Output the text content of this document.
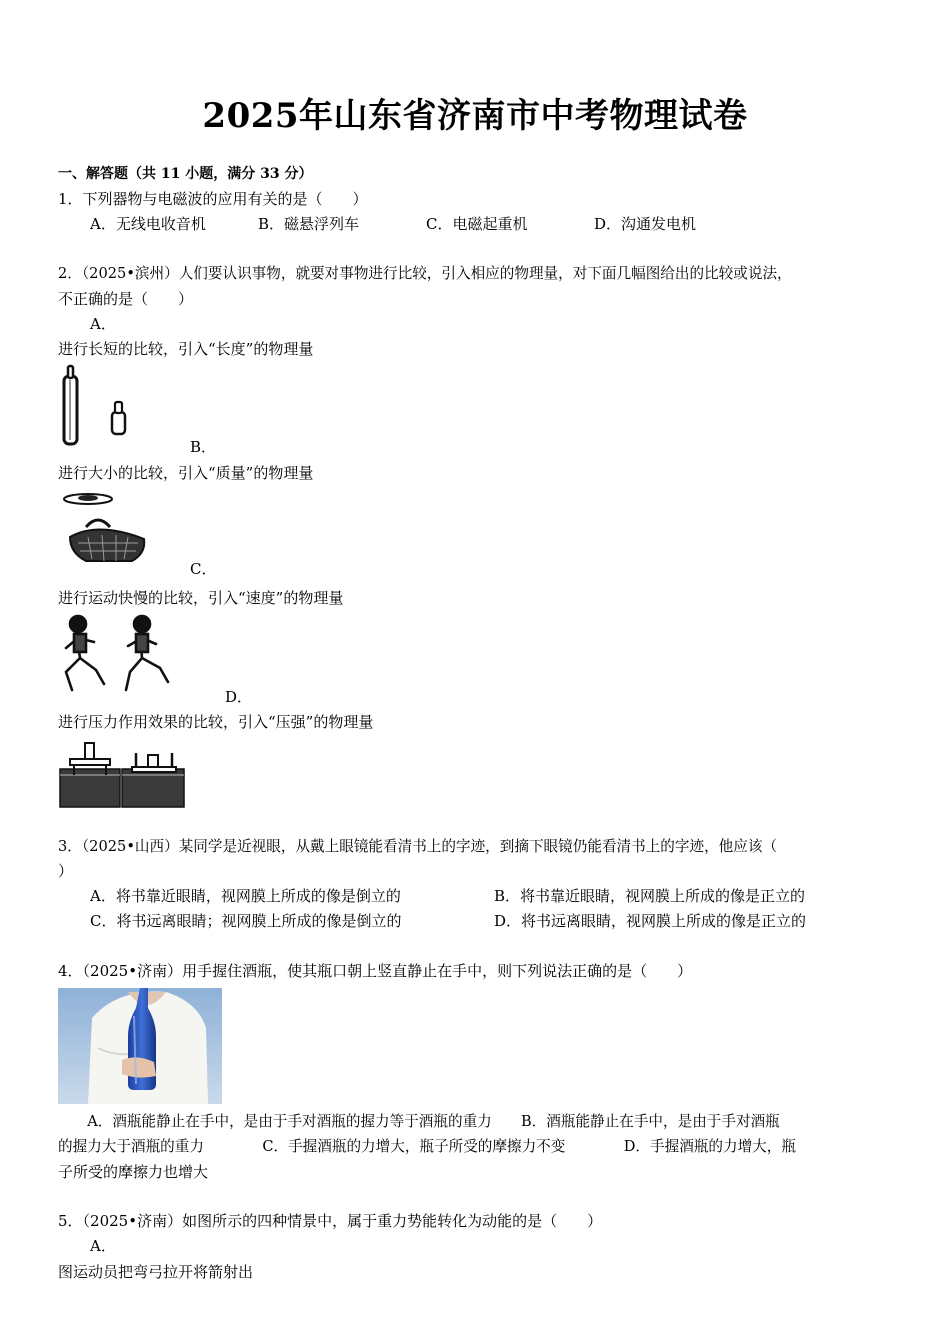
2025年山东省济南市中考物理试卷
一、解答题（共 11 小题，满分 33 分）
1．下列器物与电磁波的应用有关的是（　　）
A．无线电收音机	B．磁悬浮列车	C．电磁起重机	D．沟通发电机
2．（2025•滨州）人们要认识事物，就要对事物进行比较，引入相应的物理量，对下面几幅图给出的比较或说法，
不正确的是（　　）
A．
进行长短的比较，引入“长度”的物理量
B．
进行大小的比较，引入“质量”的物理量
C．
进行运动快慢的比较，引入“速度”的物理量
D．
进行压力作用效果的比较，引入“压强”的物理量
3．（2025•山西）某同学是近视眼，从戴上眼镜能看清书上的字迹，到摘下眼镜仍能看清书上的字迹，他应该（
）
A．将书靠近眼睛，视网膜上所成的像是倒立的	B．将书靠近眼睛，视网膜上所成的像是正立的
C．将书远离眼睛；视网膜上所成的像是倒立的	D．将书远离眼睛，视网膜上所成的像是正立的
4．（2025•济南）用手握住酒瓶，使其瓶口朝上竖直静止在手中，则下列说法正确的是（　　）
　　A．酒瓶能静止在手中，是由于手对酒瓶的握力等于酒瓶的重力　　B．酒瓶能静止在手中，是由于手对酒瓶
的握力大于酒瓶的重力　　　　C．手握酒瓶的力增大，瓶子所受的摩擦力不变　　　　D．手握酒瓶的力增大，瓶
子所受的摩擦力也增大
5．（2025•济南）如图所示的四种情景中，属于重力势能转化为动能的是（　　）
A．
图运动员把弯弓拉开将箭射出
